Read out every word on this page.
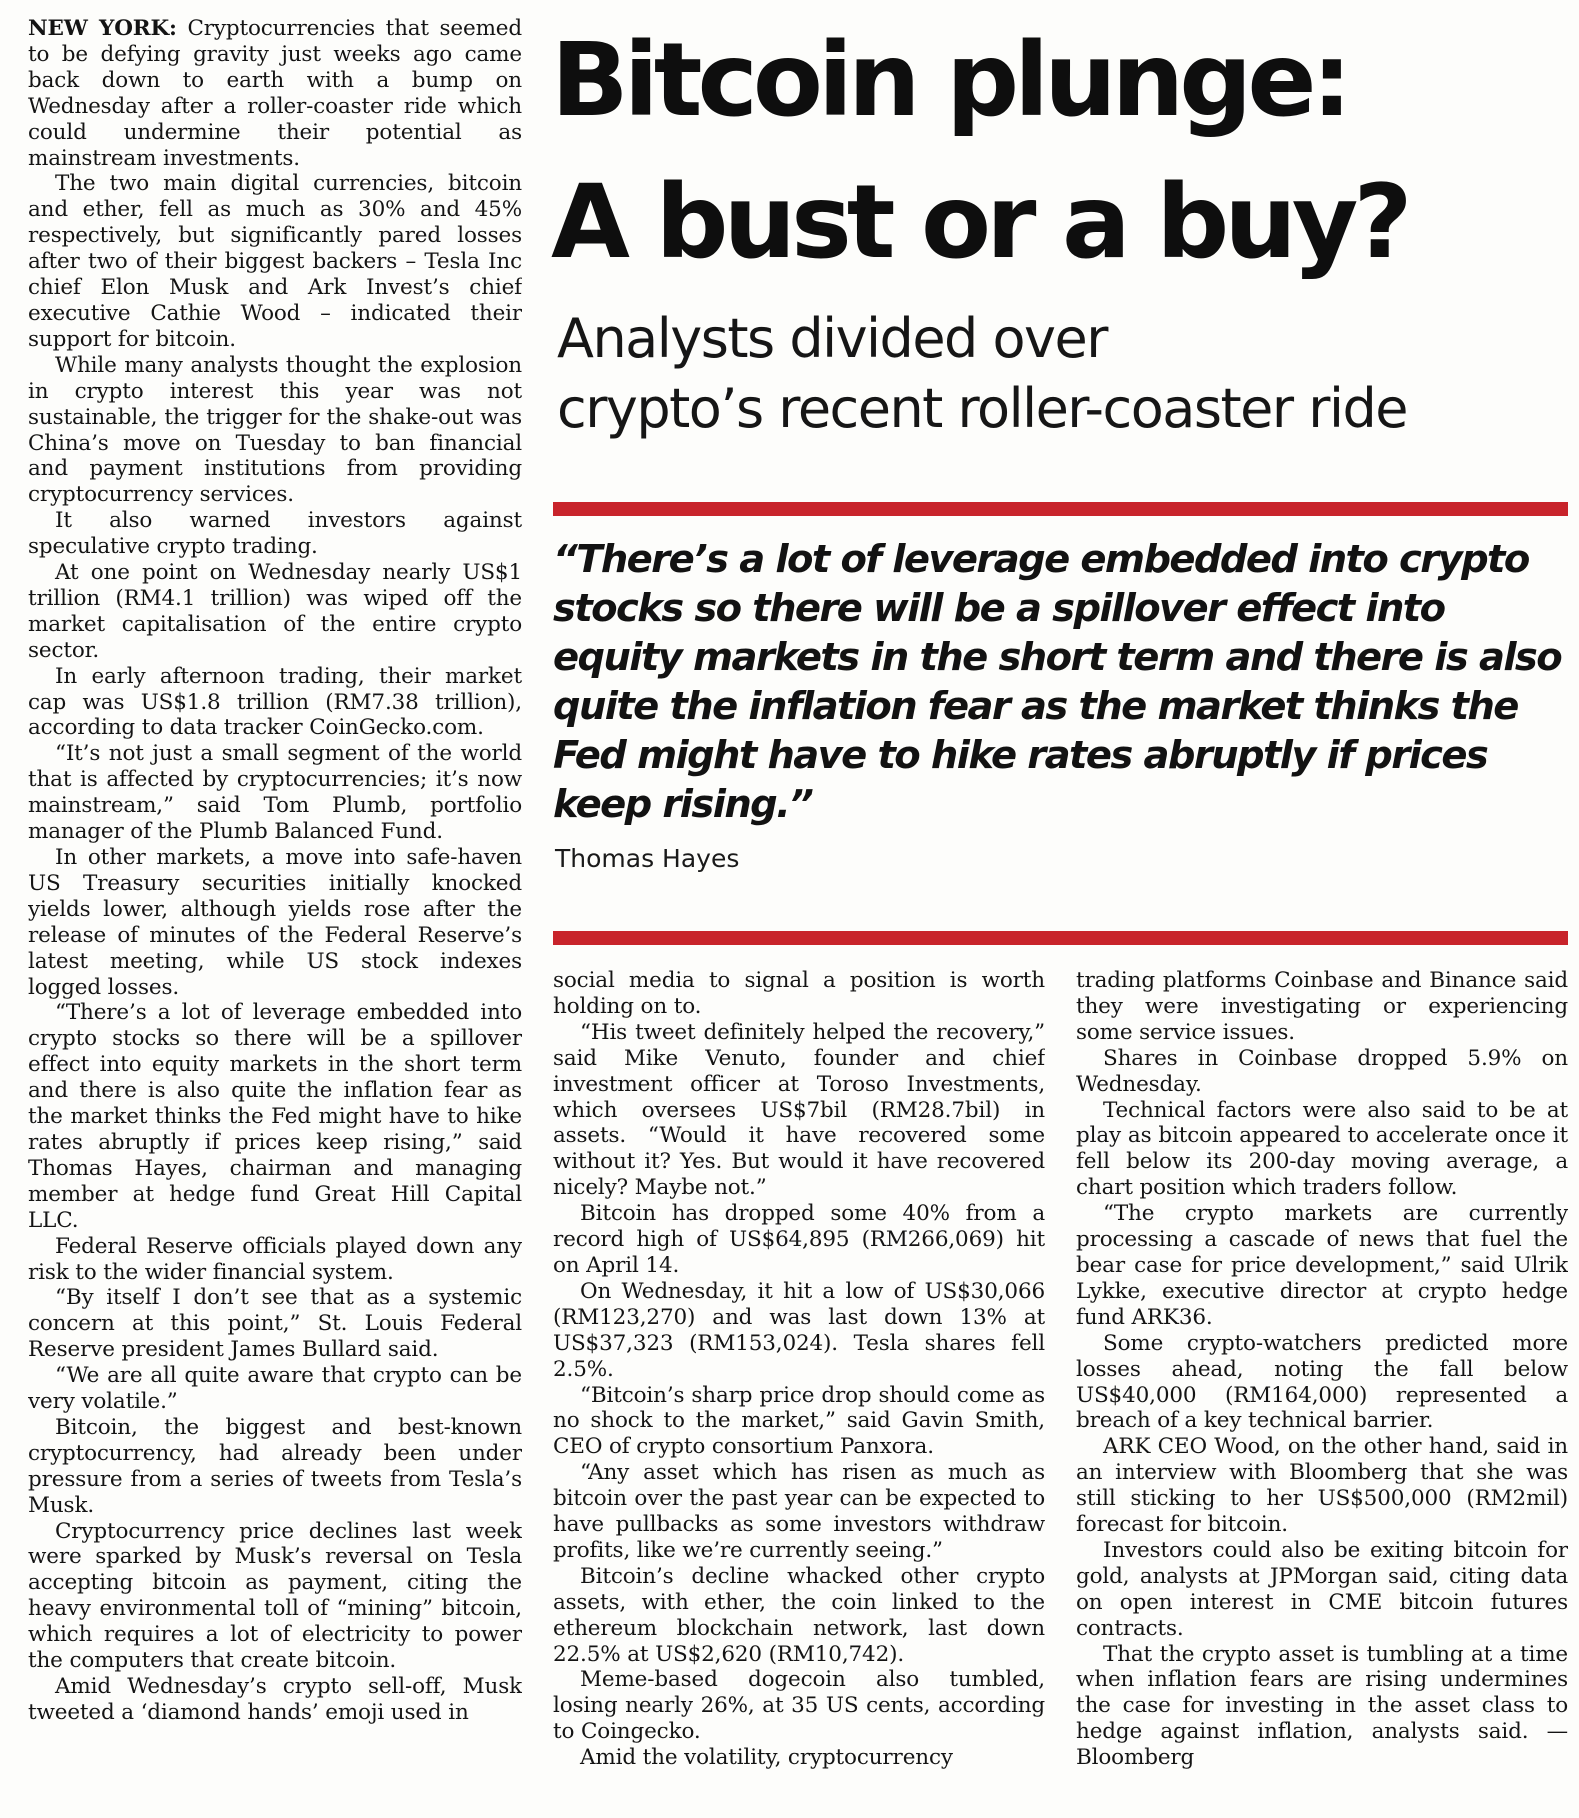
Bitcoin plunge:
A bust or a buy?
Analysts divided over
crypto’s recent roller-coaster ride

“There’s a lot of leverage embedded into crypto stocks so there will be a spillover effect into equity markets in the short term and there is also quite the inflation fear as the market thinks the Fed might have to hike rates abruptly if prices keep rising.”

Thomas Hayes

NEW YORK: Cryptocurrencies that seemed to be defying gravity just weeks ago came back down to earth with a bump on Wednesday after a roller-coaster ride which could undermine their potential as mainstream investments.

The two main digital currencies, bitcoin and ether, fell as much as 30% and 45% respectively, but significantly pared losses after two of their biggest backers – Tesla Inc chief Elon Musk and Ark Invest’s chief executive Cathie Wood – indicated their support for bitcoin.

While many analysts thought the explosion in crypto interest this year was not sustainable, the trigger for the shake-out was China’s move on Tuesday to ban financial and payment institutions from providing cryptocurrency services.

It also warned investors against speculative crypto trading.

At one point on Wednesday nearly US$1 trillion (RM4.1 trillion) was wiped off the market capitalisation of the entire crypto sector.

In early afternoon trading, their market cap was US$1.8 trillion (RM7.38 trillion), according to data tracker CoinGecko.com.

“It’s not just a small segment of the world that is affected by cryptocurrencies; it’s now mainstream,” said Tom Plumb, portfolio manager of the Plumb Balanced Fund.

In other markets, a move into safe-haven US Treasury securities initially knocked yields lower, although yields rose after the release of minutes of the Federal Reserve’s latest meeting, while US stock indexes logged losses.

“There’s a lot of leverage embedded into crypto stocks so there will be a spillover effect into equity markets in the short term and there is also quite the inflation fear as the market thinks the Fed might have to hike rates abruptly if prices keep rising,” said Thomas Hayes, chairman and managing member at hedge fund Great Hill Capital LLC.

Federal Reserve officials played down any risk to the wider financial system.

“By itself I don’t see that as a systemic concern at this point,” St. Louis Federal Reserve president James Bullard said.

“We are all quite aware that crypto can be very volatile.”

Bitcoin, the biggest and best-known cryptocurrency, had already been under pressure from a series of tweets from Tesla’s Musk.

Cryptocurrency price declines last week were sparked by Musk’s reversal on Tesla accepting bitcoin as payment, citing the heavy environmental toll of “mining” bitcoin, which requires a lot of electricity to power the computers that create bitcoin.

Amid Wednesday’s crypto sell-off, Musk tweeted a ‘diamond hands’ emoji used in

social media to signal a position is worth holding on to.

“His tweet definitely helped the recovery,” said Mike Venuto, founder and chief investment officer at Toroso Investments, which oversees US$7bil (RM28.7bil) in assets. “Would it have recovered some without it? Yes. But would it have recovered nicely? Maybe not.”

Bitcoin has dropped some 40% from a record high of US$64,895 (RM266,069) hit on April 14.

On Wednesday, it hit a low of US$30,066 (RM123,270) and was last down 13% at US$37,323 (RM153,024). Tesla shares fell 2.5%.

“Bitcoin’s sharp price drop should come as no shock to the market,” said Gavin Smith, CEO of crypto consortium Panxora.

“Any asset which has risen as much as bitcoin over the past year can be expected to have pullbacks as some investors withdraw profits, like we’re currently seeing.”

Bitcoin’s decline whacked other crypto assets, with ether, the coin linked to the ethereum blockchain network, last down 22.5% at US$2,620 (RM10,742).

Meme-based dogecoin also tumbled, losing nearly 26%, at 35 US cents, according to Coingecko.

Amid the volatility, cryptocurrency

trading platforms Coinbase and Binance said they were investigating or experiencing some service issues.

Shares in Coinbase dropped 5.9% on Wednesday.

Technical factors were also said to be at play as bitcoin appeared to accelerate once it fell below its 200-day moving average, a chart position which traders follow.

“The crypto markets are currently processing a cascade of news that fuel the bear case for price development,” said Ulrik Lykke, executive director at crypto hedge fund ARK36.

Some crypto-watchers predicted more losses ahead, noting the fall below US$40,000 (RM164,000) represented a breach of a key technical barrier.

ARK CEO Wood, on the other hand, said in an interview with Bloomberg that she was still sticking to her US$500,000 (RM2mil) forecast for bitcoin.

Investors could also be exiting bitcoin for gold, analysts at JPMorgan said, citing data on open interest in CME bitcoin futures contracts.

That the crypto asset is tumbling at a time when inflation fears are rising undermines the case for investing in the asset class to hedge against inflation, analysts said. — Bloomberg
